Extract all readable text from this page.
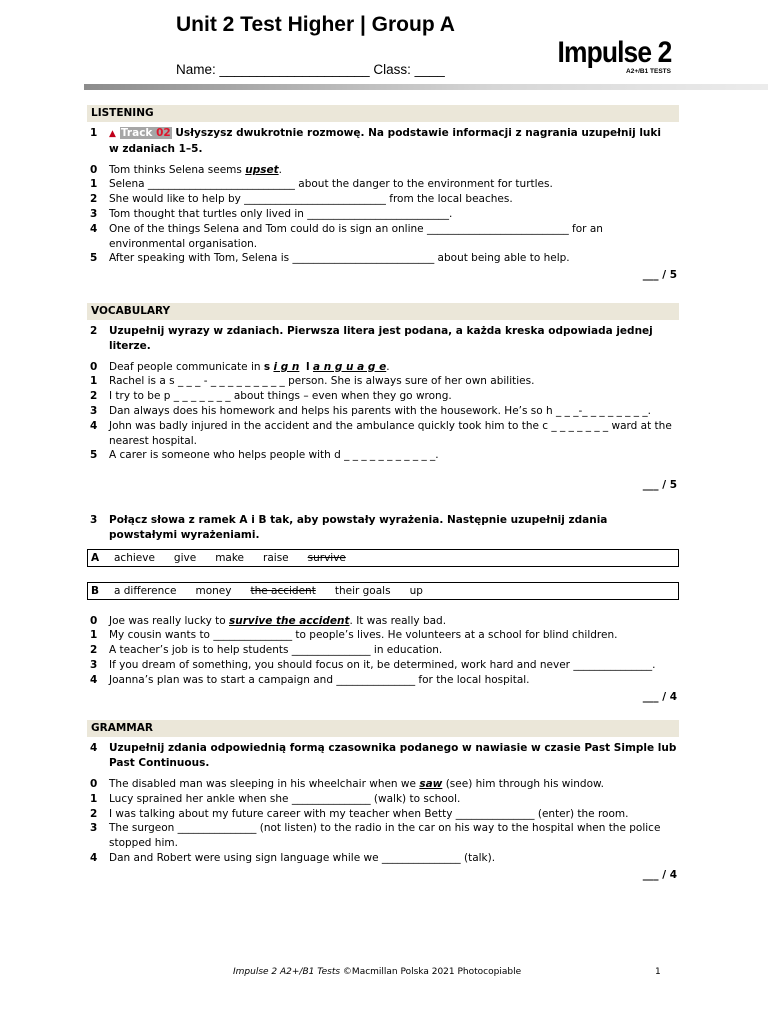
Unit 2 Test Higher | Group A
Name: ____________________ Class: ____
Impulse 2
A2+/B1 TESTS
LISTENING
1	▲ Track 02 Usłyszysz dwukrotnie rozmowę. Na podstawie informacji z nagrania uzupełnij luki
w zdaniach 1–5.
0	Tom thinks Selena seems upset.
1	Selena ____________________________ about the danger to the environment for turtles.
2	She would like to help by ___________________________ from the local beaches.
3	Tom thought that turtles only lived in ___________________________.
4	One of the things Selena and Tom could do is sign an online ___________________________ for an environmental organisation.
5	After speaking with Tom, Selena is ___________________________ about being able to help.
___ / 5
VOCABULARY
2	Uzupełnij wyrazy w zdaniach. Pierwsza litera jest podana, a każda kreska odpowiada jednej literze.
0	Deaf people communicate in s i g n l a n g u a g e.
1	Rachel is a s _ _ _ - _ _ _ _ _ _ _ _ _ person. She is always sure of her own abilities.
2	I try to be p _ _ _ _ _ _ _ about things – even when they go wrong.
3	Dan always does his homework and helps his parents with the housework. He’s so h _ _ _-_ _ _ _ _ _ _ _.
4	John was badly injured in the accident and the ambulance quickly took him to the c _ _ _ _ _ _ _ ward at the nearest hospital.
5	A carer is someone who helps people with d _ _ _ _ _ _ _ _ _ _ _.
___ / 5
3	Połącz słowa z ramek A i B tak, aby powstały wyrażenia. Następnie uzupełnij zdania powstałymi wyrażeniami.
A	achieve give make raise survive
B	a difference money the accident their goals up
0	Joe was really lucky to survive the accident. It was really bad.
1	My cousin wants to _______________ to people’s lives. He volunteers at a school for blind children.
2	A teacher’s job is to help students _______________ in education.
3	If you dream of something, you should focus on it, be determined, work hard and never _______________.
4	Joanna’s plan was to start a campaign and _______________ for the local hospital.
___ / 4
GRAMMAR
4	Uzupełnij zdania odpowiednią formą czasownika podanego w nawiasie w czasie Past Simple lub Past Continuous.
0	The disabled man was sleeping in his wheelchair when we saw (see) him through his window.
1	Lucy sprained her ankle when she _______________ (walk) to school.
2	I was talking about my future career with my teacher when Betty _______________ (enter) the room.
3	The surgeon _______________ (not listen) to the radio in the car on his way to the hospital when the police stopped him.
4	Dan and Robert were using sign language while we _______________ (talk).
___ / 4
Impulse 2 A2+/B1 Tests ©Macmillan Polska 2021 Photocopiable	1
